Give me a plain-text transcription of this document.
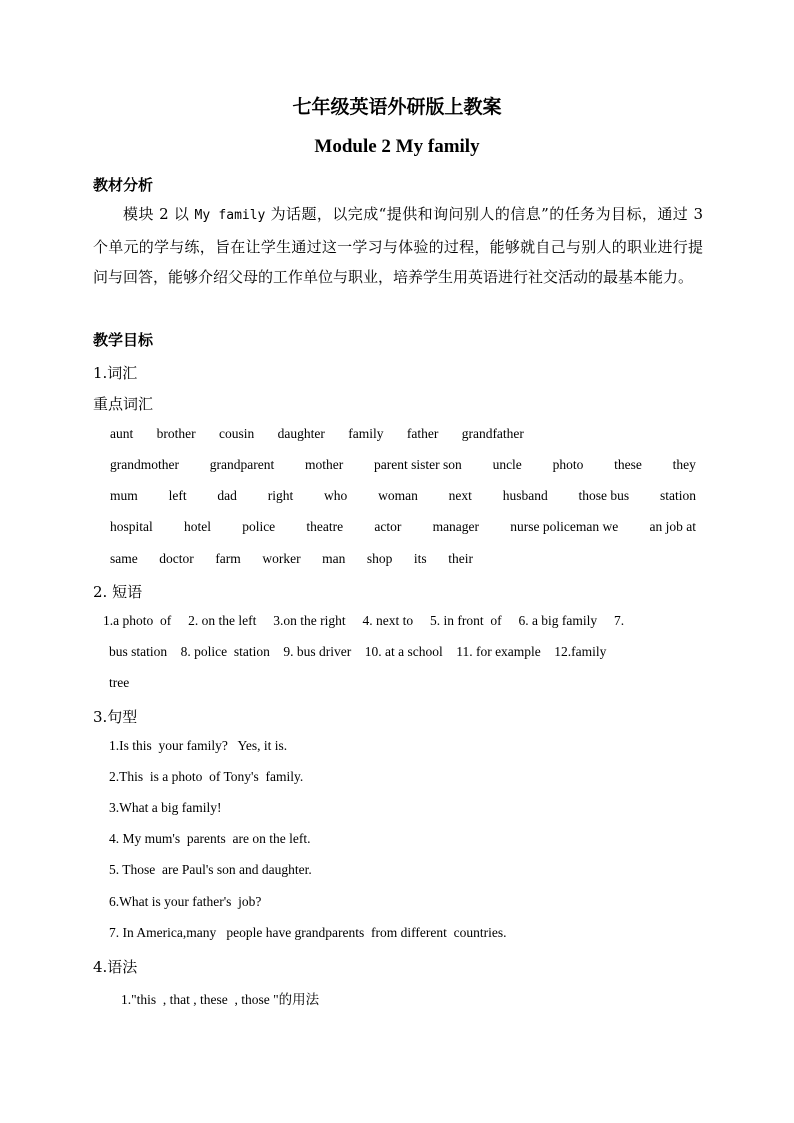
七年级英语外研版上教案
Module 2 My family
教材分析
模块 2 以 My family 为话题，以完成“提供和询问别人的信息”的任务为目标，通过 3 个单元的学与练，旨在让学生通过这一学习与体验的过程，能够就自己与别人的职业进行提问与回答，能够介绍父母的工作单位与职业，培养学生用英语进行社交活动的最基本能力。
教学目标
1.词汇
重点词汇
aunt brother cousin daughter family father grandfather
grandmother grandparent mother parent sister son uncle photo these they
mum left dad right who woman next husband those bus station
hospital hotel police theatre actor manager nurse policeman we an job at
same doctor farm worker man shop its their
2. 短语
1.a photo  of     2. on the left     3.on the right     4. next to     5. in front  of     6. a big family     7.
bus station    8. police  station    9. bus driver    10. at a school    11. for example    12.family
tree
3.句型
1.Is this  your family?   Yes, it is.
2.This  is a photo  of Tony's  family.
3.What a big family!
4. My mum's  parents  are on the left.
5. Those  are Paul's son and daughter.
6.What is your father's  job?
7. In America,many   people have grandparents  from different  countries.
4.语法
1."this  , that , these  , those "的用法
